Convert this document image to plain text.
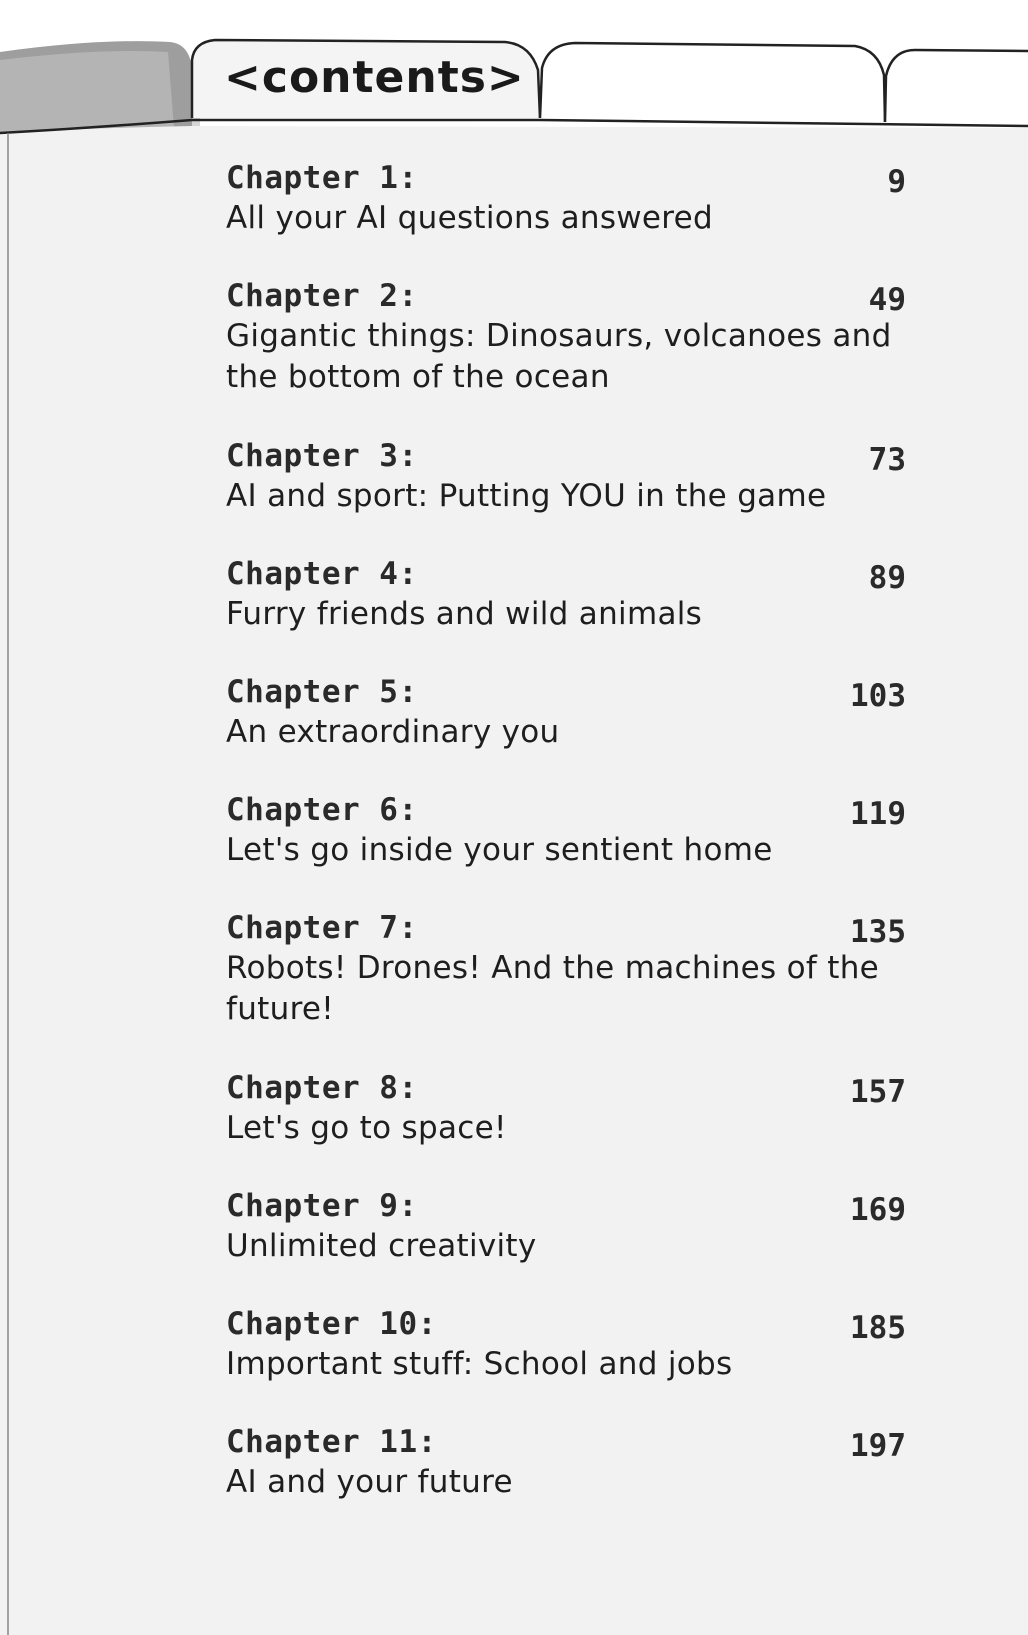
<contents>
Chapter 1:	9
All your AI questions answered
Chapter 2:	49
Gigantic things: Dinosaurs, volcanoes and the bottom of the ocean
Chapter 3:	73
AI and sport: Putting YOU in the game
Chapter 4:	89
Furry friends and wild animals
Chapter 5:	103
An extraordinary you
Chapter 6:	119
Let's go inside your sentient home
Chapter 7:	135
Robots! Drones! And the machines of the future!
Chapter 8:	157
Let's go to space!
Chapter 9:	169
Unlimited creativity
Chapter 10:	185
Important stuff: School and jobs
Chapter 11:	197
AI and your future
